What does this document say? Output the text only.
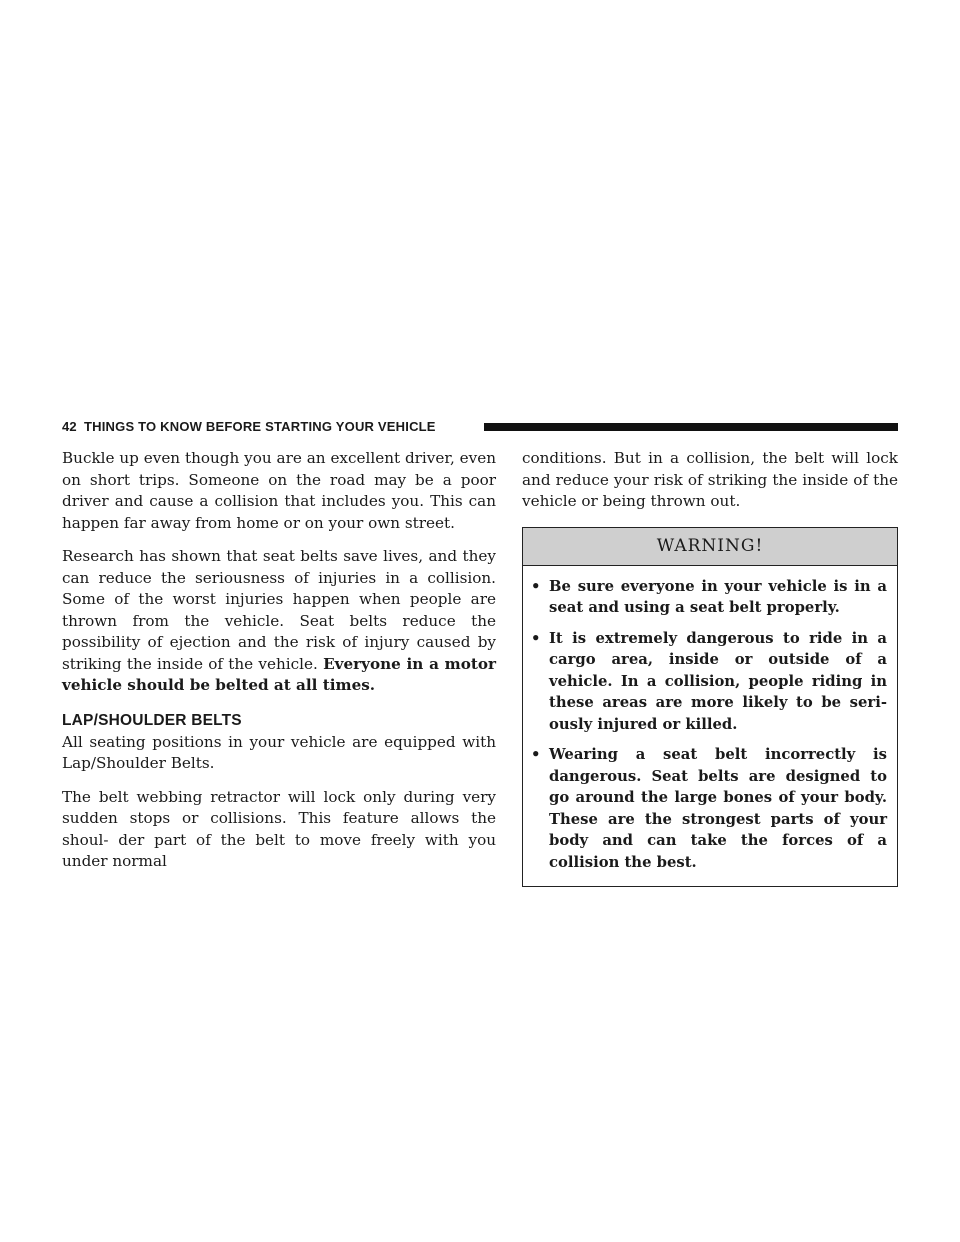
42 THINGS TO KNOW BEFORE STARTING YOUR VEHICLE

Buckle up even though you are an excellent driver, even on short trips. Someone on the road may be a poor driver and cause a collision that includes you. This can happen far away from home or on your own street.

Research has shown that seat belts save lives, and they can reduce the seriousness of injuries in a collision. Some of the worst injuries happen when people are thrown from the vehicle. Seat belts reduce the possibility of ejection and the risk of injury caused by striking the inside of the vehicle. Everyone in a motor vehicle should be belted at all times.

LAP/SHOULDER BELTS

All seating positions in your vehicle are equipped with Lap/Shoulder Belts.

The belt webbing retractor will lock only during very sudden stops or collisions. This feature allows the shoul- der part of the belt to move freely with you under normal

conditions. But in a collision, the belt will lock and reduce your risk of striking the inside of the vehicle or being thrown out.

WARNING!
• Be sure everyone in your vehicle is in a seat and using a seat belt properly.
• It is extremely dangerous to ride in a cargo area, inside or outside of a vehicle. In a collision, people riding in these areas are more likely to be seri- ously injured or killed.
• Wearing a seat belt incorrectly is dangerous. Seat belts are designed to go around the large bones of your body. These are the strongest parts of your body and can take the forces of a collision the best.
